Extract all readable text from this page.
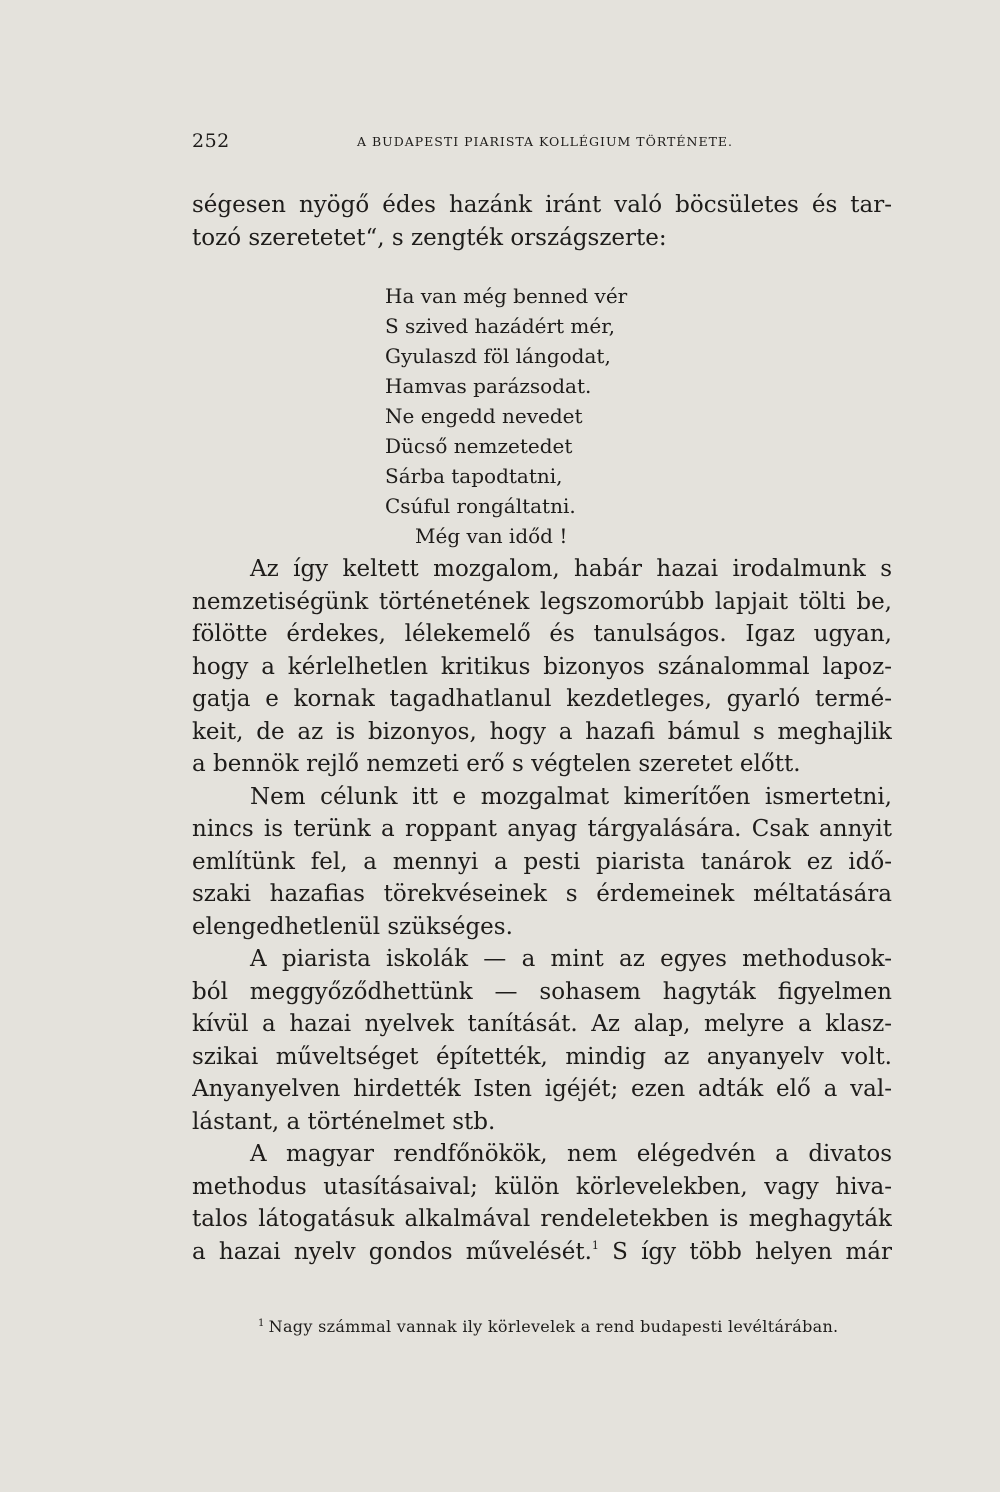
252	A BUDAPESTI PIARISTA KOLLÉGIUM TÖRTÉNETE.
ségesen nyögő édes hazánk iránt való böcsületes és tar-
tozó szeretetet“, s zengték országszerte:
Ha van még benned vér
S szived hazádért mér,
Gyulaszd föl lángodat,
Hamvas parázsodat.
Ne engedd nevedet
Dücső nemzetedet
Sárba tapodtatni,
Csúful rongáltatni.
Még van időd !
Az így keltett mozgalom, habár hazai irodalmunk s
nemzetiségünk történetének legszomorúbb lapjait tölti be,
fölötte érdekes, lélekemelő és tanulságos. Igaz ugyan,
hogy a kérlelhetlen kritikus bizonyos szánalommal lapoz-
gatja e kornak tagadhatlanul kezdetleges, gyarló termé-
keit, de az is bizonyos, hogy a hazafi bámul s meghajlik
a bennök rejlő nemzeti erő s végtelen szeretet előtt.
Nem célunk itt e mozgalmat kimerítően ismertetni,
nincs is terünk a roppant anyag tárgyalására. Csak annyit
említünk fel, a mennyi a pesti piarista tanárok ez idő-
szaki hazafias törekvéseinek s érdemeinek méltatására
elengedhetlenül szükséges.
A piarista iskolák — a mint az egyes methodusok-
ból meggyőződhettünk — sohasem hagyták figyelmen
kívül a hazai nyelvek tanítását. Az alap, melyre a klasz-
szikai műveltséget építették, mindig az anyanyelv volt.
Anyanyelven hirdették Isten igéjét; ezen adták elő a val-
lástant, a történelmet stb.
A magyar rendfőnökök, nem elégedvén a divatos
methodus utasításaival; külön körlevelekben, vagy hiva-
talos látogatásuk alkalmával rendeletekben is meghagyták
a hazai nyelv gondos művelését.$^1$ S így több helyen már
$^1$ Nagy számmal vannak ily körlevelek a rend budapesti levéltárában.
